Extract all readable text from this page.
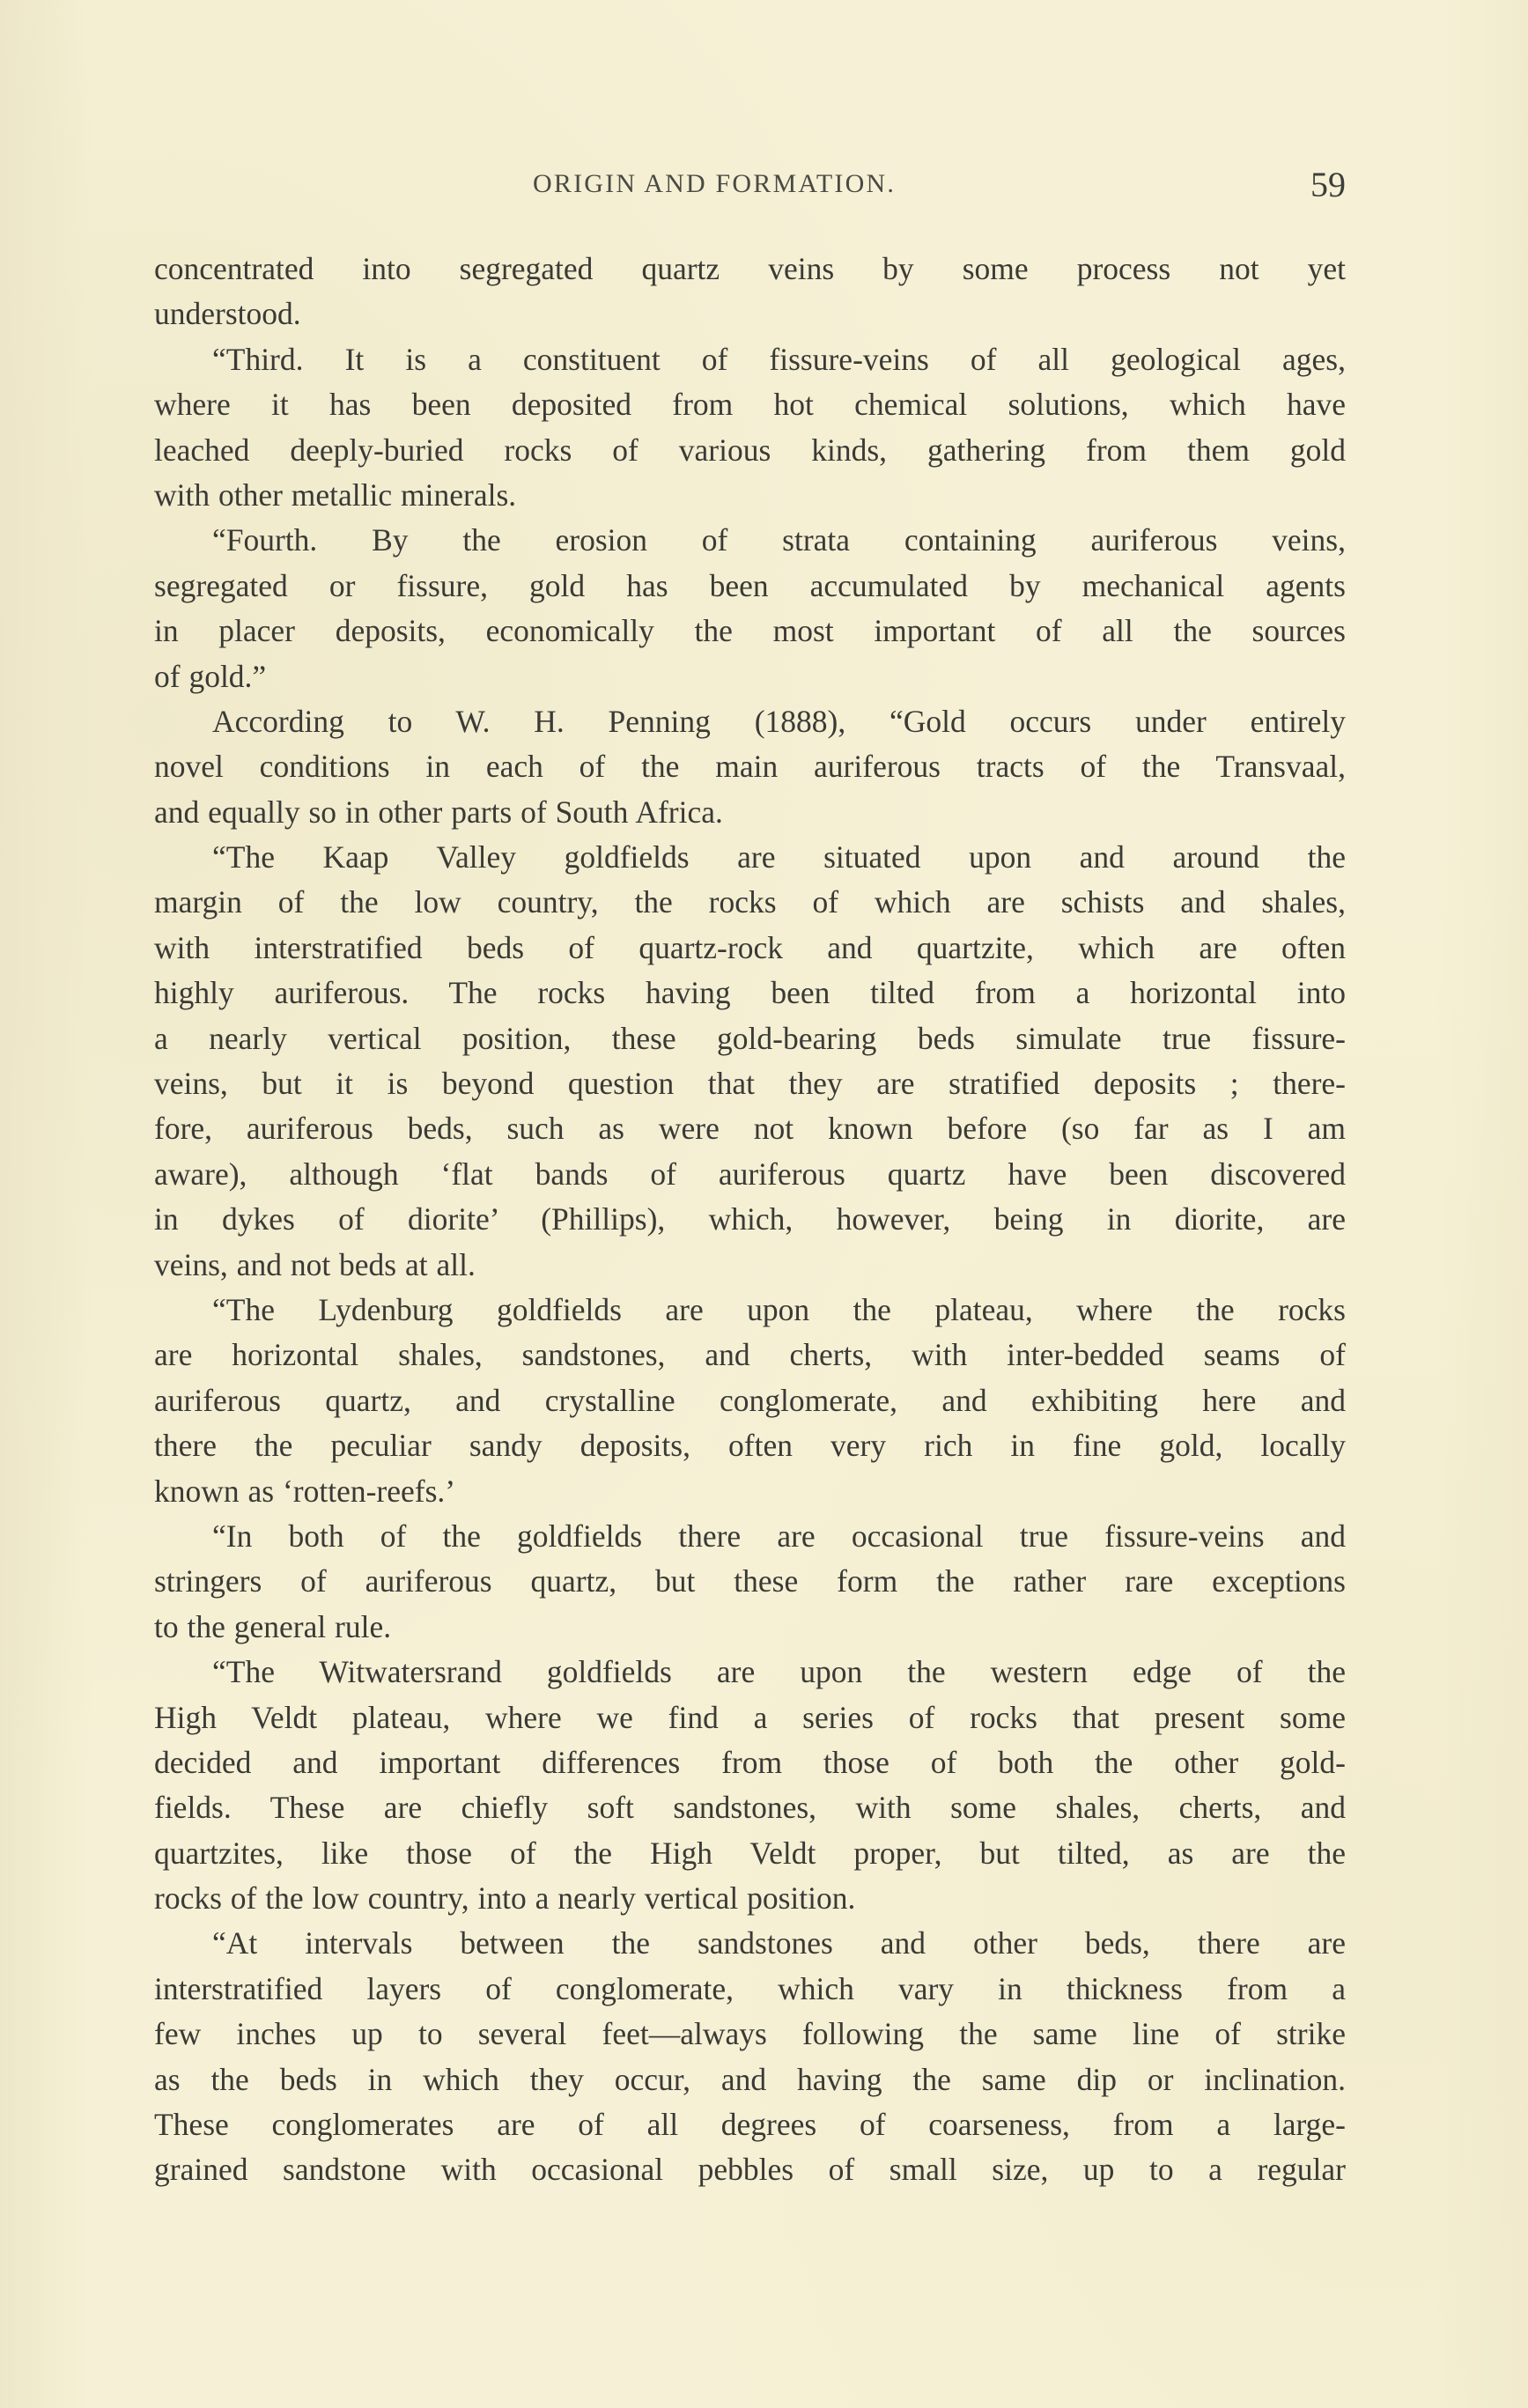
ORIGIN AND FORMATION.	59
concentrated into segregated quartz veins by some process not yet
understood.
“Third. It is a constituent of fissure-veins of all geological ages,
where it has been deposited from hot chemical solutions, which have
leached deeply-buried rocks of various kinds, gathering from them gold
with other metallic minerals.
“Fourth. By the erosion of strata containing auriferous veins,
segregated or fissure, gold has been accumulated by mechanical agents
in placer deposits, economically the most important of all the sources
of gold.”
According to W. H. Penning (1888), “Gold occurs under entirely
novel conditions in each of the main auriferous tracts of the Transvaal,
and equally so in other parts of South Africa.
“The Kaap Valley goldfields are situated upon and around the
margin of the low country, the rocks of which are schists and shales,
with interstratified beds of quartz-rock and quartzite, which are often
highly auriferous. The rocks having been tilted from a horizontal into
a nearly vertical position, these gold-bearing beds simulate true fissure-
veins, but it is beyond question that they are stratified deposits ; there-
fore, auriferous beds, such as were not known before (so far as I am
aware), although ‘flat bands of auriferous quartz have been discovered
in dykes of diorite’ (Phillips), which, however, being in diorite, are
veins, and not beds at all.
“The Lydenburg goldfields are upon the plateau, where the rocks
are horizontal shales, sandstones, and cherts, with inter-bedded seams of
auriferous quartz, and crystalline conglomerate, and exhibiting here and
there the peculiar sandy deposits, often very rich in fine gold, locally
known as ‘rotten-reefs.’
“In both of the goldfields there are occasional true fissure-veins and
stringers of auriferous quartz, but these form the rather rare exceptions
to the general rule.
“The Witwatersrand goldfields are upon the western edge of the
High Veldt plateau, where we find a series of rocks that present some
decided and important differences from those of both the other gold-
fields. These are chiefly soft sandstones, with some shales, cherts, and
quartzites, like those of the High Veldt proper, but tilted, as are the
rocks of the low country, into a nearly vertical position.
“At intervals between the sandstones and other beds, there are
interstratified layers of conglomerate, which vary in thickness from a
few inches up to several feet—always following the same line of strike
as the beds in which they occur, and having the same dip or inclination.
These conglomerates are of all degrees of coarseness, from a large-
grained sandstone with occasional pebbles of small size, up to a regular
